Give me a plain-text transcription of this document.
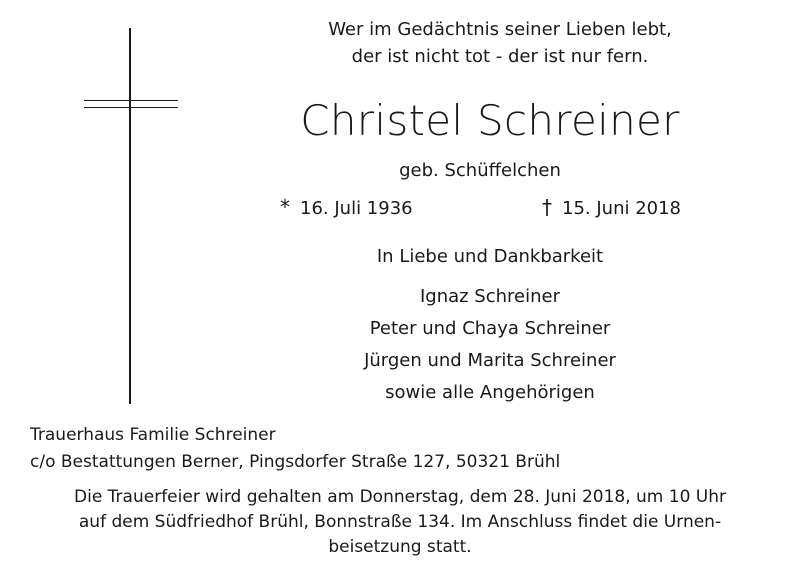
Wer im Gedächtnis seiner Lieben lebt,
der ist nicht tot - der ist nur fern.
Christel Schreiner
geb. Schüffelchen
* 16. Juli 1936	† 15. Juni 2018
In Liebe und Dankbarkeit
Ignaz Schreiner
Peter und Chaya Schreiner
Jürgen und Marita Schreiner
sowie alle Angehörigen
Trauerhaus Familie Schreiner
c/o Bestattungen Berner, Pingsdorfer Straße 127, 50321 Brühl
Die Trauerfeier wird gehalten am Donnerstag, dem 28. Juni 2018, um 10 Uhr
auf dem Südfriedhof Brühl, Bonnstraße 134. Im Anschluss findet die Urnen-
beisetzung statt.
